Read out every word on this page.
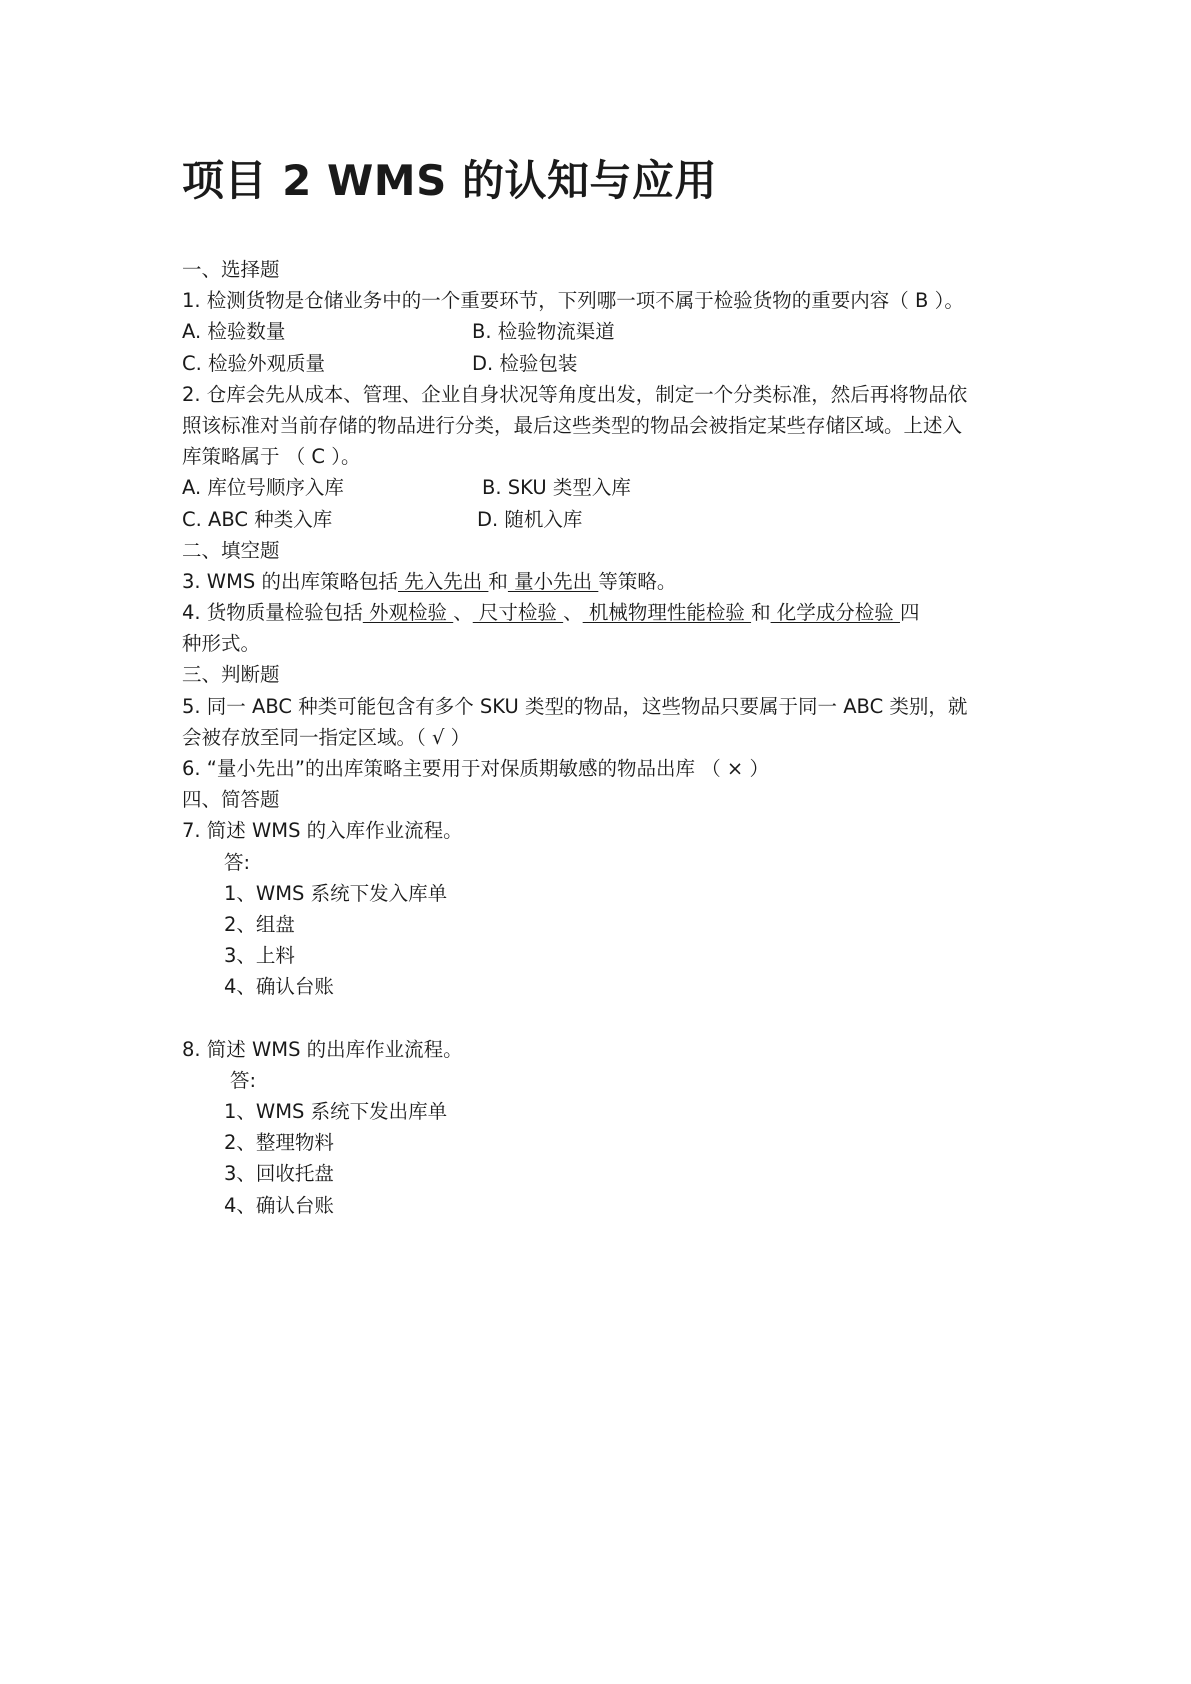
项目 2 WMS 的认知与应用
一、选择题
1. 检测货物是仓储业务中的一个重要环节，下列哪一项不属于检验货物的重要内容（ B ）。
A. 检验数量	B. 检验物流渠道
C. 检验外观质量	D. 检验包装
2. 仓库会先从成本、管理、企业自身状况等角度出发，制定一个分类标准，然后再将物品依
照该标准对当前存储的物品进行分类，最后这些类型的物品会被指定某些存储区域。上述入
库策略属于 （ C ）。
A. 库位号顺序入库	B. SKU 类型入库
C. ABC 种类入库	D. 随机入库
二、填空题
3. WMS 的出库策略包括 先入先出 和 量小先出 等策略。
4. 货物质量检验包括 外观检验 、 尺寸检验 、 机械物理性能检验 和 化学成分检验 四
种形式。
三、判断题
5. 同一 ABC 种类可能包含有多个 SKU 类型的物品，这些物品只要属于同一 ABC 类别，就
会被存放至同一指定区域。（ √ ）
6. “量小先出”的出库策略主要用于对保质期敏感的物品出库 （ × ）
四、简答题
7. 简述 WMS 的入库作业流程。
答:
1、WMS 系统下发入库单
2、组盘
3、上料
4、确认台账
8. 简述 WMS 的出库作业流程。
答:
1、WMS 系统下发出库单
2、整理物料
3、回收托盘
4、确认台账
